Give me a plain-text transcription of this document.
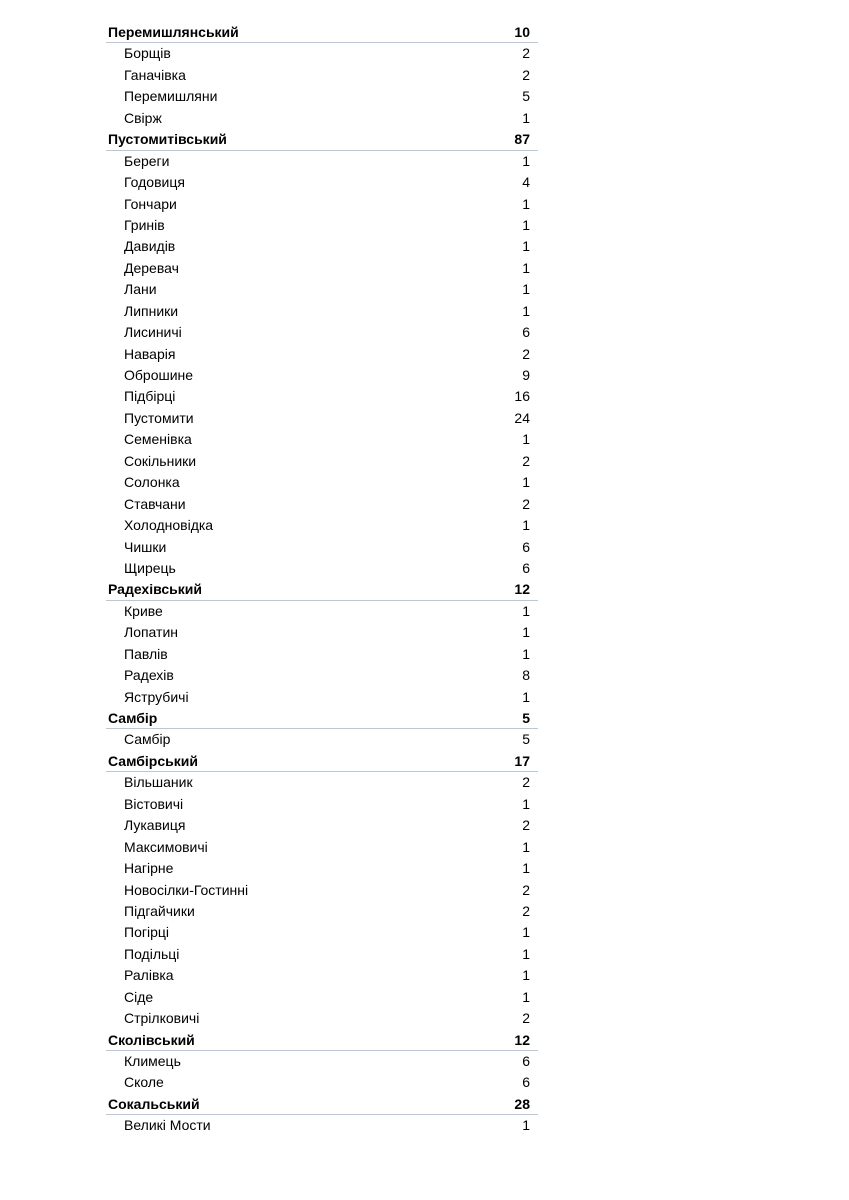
Перемишлянський	10
Борщів	2
Ганачівка	2
Перемишляни	5
Свірж	1
Пустомитівський	87
Береги	1
Годовиця	4
Гончари	1
Гринів	1
Давидів	1
Деревач	1
Лани	1
Липники	1
Лисиничі	6
Наварія	2
Оброшине	9
Підбірці	16
Пустомити	24
Семенівка	1
Сокільники	2
Солонка	1
Ставчани	2
Холодновідка	1
Чишки	6
Щирець	6
Радехівський	12
Криве	1
Лопатин	1
Павлів	1
Радехів	8
Яструбичі	1
Самбір	5
Самбір	5
Самбірський	17
Вільшаник	2
Вістовичі	1
Лукавиця	2
Максимовичі	1
Нагірне	1
Новосілки-Гостинні	2
Підгайчики	2
Погірці	1
Подільці	1
Ралівка	1
Сіде	1
Стрілковичі	2
Сколівський	12
Климець	6
Сколе	6
Сокальський	28
Великі Мости	1
